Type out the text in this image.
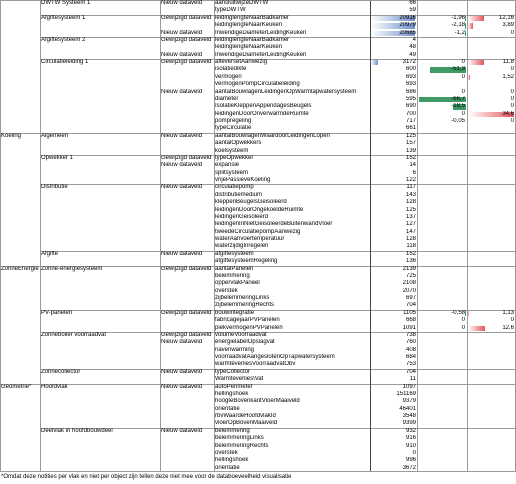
DWTW Systeem 1	Nieuw dataveld	aansluitwijzeDWTW	66
typeDWTW	59
Afgiftesysteem 1	Gewijzigd dataveld leidinglengteNaarBadkamer	20916	-1,96	12,16
leidinglengteNaarKeuken	20979	-2,18	3,89
Nieuw dataveld	InwendigeDiameterLeidingKeuken	20685	-1,2	0
Afgiftesysteem 2	Gewijzigd dataveld leidinglengteNaarBadkamer	4
leidinglengteNaarKeuken	48
Nieuw dataveld	InwendigeDiameterLeidingKeuken	49
Circulatieleiding 1	Gewijzigd dataveld afleversetAanwezig	3172	0	11,8
isolatiedikte	600	-51,3	0
vermogen	693	0	1,52
vermogenPompCirculatieleiding	693
Nieuw dataveld	aantalBouwlagenLeidingenOpWarmtapwatersysteem	686	0	0
diameter	595	-66,7	0
IsolatieKleppenAppendagesBeugels	690	-18,5	0
leidingenDoorOnverwarmdeRuimte	700	0	34,6
pompregeling	717	-0,05	0
typeCirculatie	661
Koeling	Algemeen	Nieuw dataveld	aantalBouwlagenWaardoorLeidingenLopen	125
aantalOpwekkers	157
koelsysteem	139
Opwekker 1	Gewijzigd dataveld typeOpwekker	152
Nieuw dataveld	expansie	14
splitsysteem	6
vrijePassieveKoeling	122
Distributie	Nieuw dataveld	circulatiepomp	117
distributiemedium	143
kleppenBeugelsGeisoleerd	128
leidingenDoorOngekoeldeRuimte	125
leidingenGeisoleerd	137
leidingenInNietGeisoleerdeBuitenwandVloer	127
tweedeCirculatiepompAanwezig	147
waterAanvoertemperatuur	128
waterzijdigInregelen	118
Afgifte	Nieuw dataveld	afgiftesysteem	152
afgiftesysteemRegeling	136
ZonneEnergie Zonne-energiesysteem	Gewijzigd dataveld aantalPanelen	2139
belemmering	725
oppervlakPaneel	2108
overstek	2070
zijbelemmeringLinks	697
zijbelemmeringRechts	704
PV-panelen	Gewijzigd dataveld bouwintegratie	1105	-0,58	1,13
fabricagejaarPVPanelen	668	0	0
piekvermogenPVPanelen	1091	0	12,6
Zonneboiler voorraadvat	Gewijzigd dataveld volumeVoorraadvat	738
Nieuw dataveld	energielabelOpslagvat	760
navenwarming	408
voorraadvatAangeslotenOpTapwatersysteem	684
warmteverliesVoorraadvatObv	753
Zonnecollector	Nieuw dataveld	typeCollector	704
Warmteverlies\Vat	11
Geometrie*	Hoofdvlak	Nieuw dataveld	autoPerimeter	1097
hellingshoek	151169
hoogteBovenkantVloerMaaiveld	9379
orientatie	46401
rbvWaardeHoofdvlakId	3548
vloerOpBovenMaaiveld	9399
Deelvlak in hoofdbouwdeel	Nieuw dataveld	belemmering	932
belemmeringLinks	916
belemmeringRechts	910
overstek	0
hellingshoek	996
orientatie	3672
*Omdat deze notities per vlak en niet per object zijn tellen deze niet mee voor de databoeveelheid visualisatie
